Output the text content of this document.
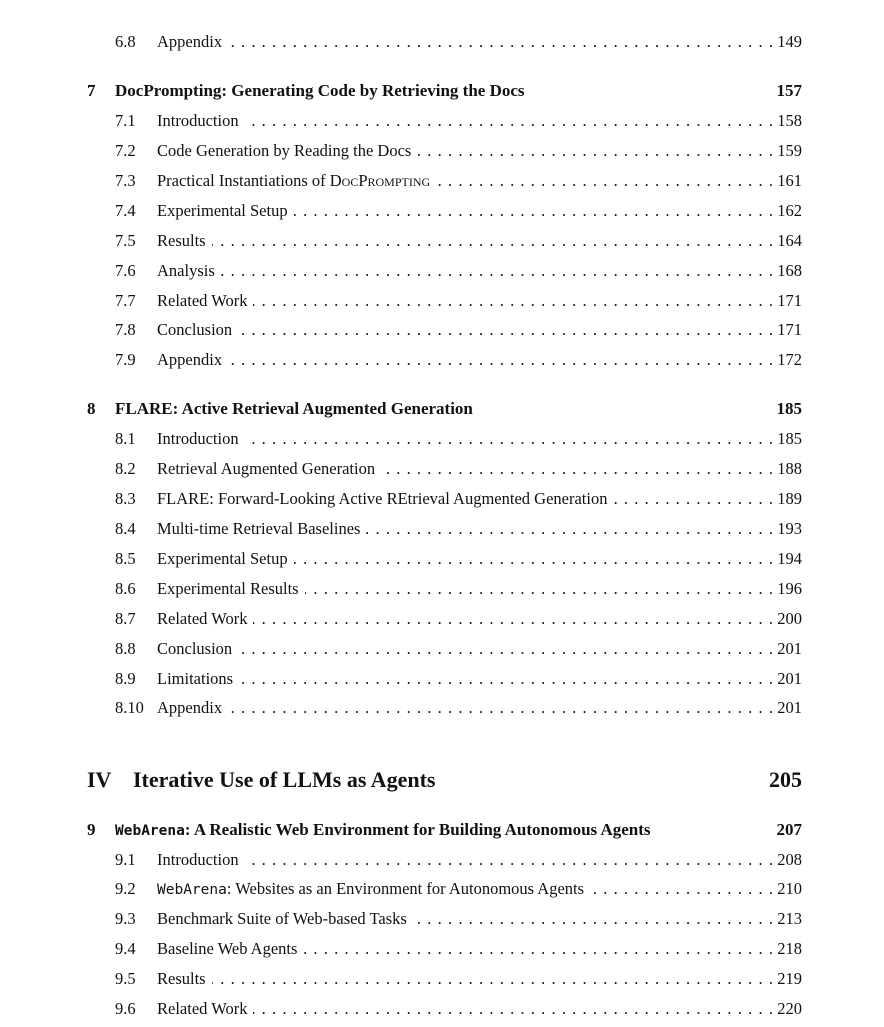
6.8 Appendix . . .	149
7 DocPrompting: Generating Code by Retrieving the Docs	157
7.1 Introduction . . .	158
7.2 Code Generation by Reading the Docs . . .	159
7.3 Practical Instantiations of DocPrompting . . .	161
7.4 Experimental Setup . . .	162
7.5 Results . . .	164
7.6 Analysis . . .	168
7.7 Related Work . . .	171
7.8 Conclusion . . .	171
7.9 Appendix . . .	172
8 FLARE: Active Retrieval Augmented Generation	185
8.1 Introduction . . .	185
8.2 Retrieval Augmented Generation . . .	188
8.3 FLARE: Forward-Looking Active REtrieval Augmented Generation . . .	189
8.4 Multi-time Retrieval Baselines . . .	193
8.5 Experimental Setup . . .	194
8.6 Experimental Results . . .	196
8.7 Related Work . . .	200
8.8 Conclusion . . .	201
8.9 Limitations . . .	201
8.10 Appendix . . .	201
IV Iterative Use of LLMs as Agents	205
9 WebArena: A Realistic Web Environment for Building Autonomous Agents	207
9.1 Introduction . . .	208
9.2 WebArena: Websites as an Environment for Autonomous Agents . . .	210
9.3 Benchmark Suite of Web-based Tasks . . .	213
9.4 Baseline Web Agents . . .	218
9.5 Results . . .	219
9.6 Related Work . . .	220
